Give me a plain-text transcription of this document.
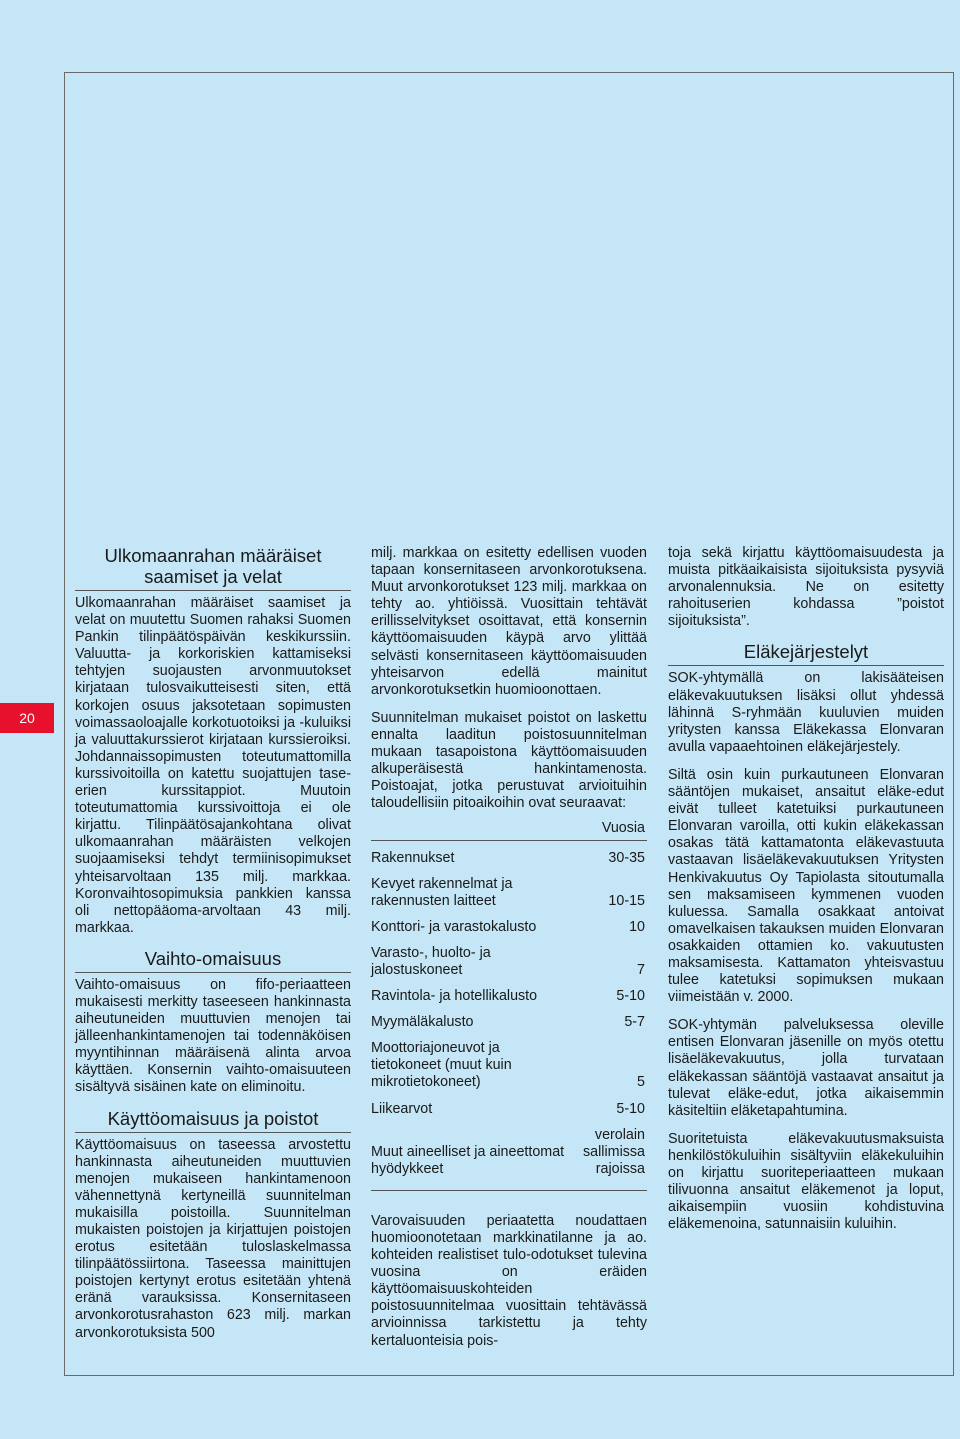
20
Ulkomaanrahan määräiset saamiset ja velat

Ulkomaanrahan määräiset saamiset ja velat on muutettu Suomen rahaksi Suomen Pankin tilinpäätöspäivän keskikurssiin. Valuutta- ja korkoriskien kattamiseksi tehtyjen suojausten arvonmuutokset kirjataan tulosvaikutteisesti siten, että korkojen osuus jaksotetaan sopimusten voimassaoloajalle korkotuotoiksi ja -kuluiksi ja valuuttakurssierot kirjataan kurssieroiksi. Johdannaissopimusten toteutumattomilla kurssivoitoilla on katettu suojattujen tase-erien kurssitappiot. Muutoin toteutumattomia kurssivoittoja ei ole kirjattu. Tilinpäätösajankohtana olivat ulkomaanrahan määräisten velkojen suojaamiseksi tehdyt termiinisopimukset yhteisarvoltaan 135 milj. markkaa. Koronvaihtosopimuksia pankkien kanssa oli nettopääoma-arvoltaan 43 milj. markkaa.

Vaihto-omaisuus

Vaihto-omaisuus on fifo-periaatteen mukaisesti merkitty taseeseen hankinnasta aiheutuneiden muuttuvien menojen tai jälleenhankintamenojen tai todennäköisen myyntihinnan määräisenä alinta arvoa käyttäen. Konsernin vaihto-omaisuuteen sisältyvä sisäinen kate on eliminoitu.

Käyttöomaisuus ja poistot

Käyttöomaisuus on taseessa arvostettu hankinnasta aiheutuneiden muuttuvien menojen mukaiseen hankintamenoon vähennettynä kertyneillä suunnitelman mukaisilla poistoilla. Suunnitelman mukaisten poistojen ja kirjattujen poistojen erotus esitetään tuloslaskelmassa tilinpäätössiirtona. Taseessa mainittujen poistojen kertynyt erotus esitetään yhtenä eränä varauksissa. Konsernitaseen arvonkorotusrahaston 623 milj. markan arvonkorotuksista 500

milj. markkaa on esitetty edellisen vuoden tapaan konsernitaseen arvonkorotuksena. Muut arvonkorotukset 123 milj. markkaa on tehty ao. yhtiöissä. Vuosittain tehtävät erillisselvitykset osoittavat, että konsernin käyttöomaisuuden käypä arvo ylittää selvästi konsernitaseen käyttöomaisuuden yhteisarvon edellä mainitut arvonkorotuksetkin huomioonottaen.

Suunnitelman mukaiset poistot on laskettu ennalta laaditun poistosuunnitelman mukaan tasapoistona käyttöomaisuuden alkuperäisestä hankintamenosta. Poistoajat, jotka perustuvat arvioituihin taloudellisiin pitoaikoihin ovat seuraavat:

	Vuosia
Rakennukset	30-35
Kevyet rakennelmat ja rakennusten laitteet	10-15
Konttori- ja varastokalusto	10
Varasto-, huolto- ja jalostuskoneet	7
Ravintola- ja hotellikalusto	5-10
Myymäläkalusto	5-7
Moottoriajoneuvot ja tietokoneet (muut kuin mikrotietokoneet)	5
Liikearvot	5-10
Muut aineelliset ja aineettomat hyödykkeet	verolain sallimissa rajoissa

Varovaisuuden periaatetta noudattaen huomioonotetaan markkinatilanne ja ao. kohteiden realistiset tulo-odotukset tulevina vuosina on eräiden käyttöomaisuuskohteiden poistosuunnitelmaa vuosittain tehtävässä arvioinnissa tarkistettu ja tehty kertaluonteisia pois-

toja sekä kirjattu käyttöomaisuudesta ja muista pitkäaikaisista sijoituksista pysyviä arvonalennuksia. Ne on esitetty rahoituserien kohdassa ”poistot sijoituksista”.

Eläkejärjestelyt

SOK-yhtymällä on lakisääteisen eläkevakuutuksen lisäksi ollut yhdessä lähinnä S-ryhmään kuuluvien muiden yritysten kanssa Eläkekassa Elonvaran avulla vapaaehtoinen eläkejärjestely.

Siltä osin kuin purkautuneen Elonvaran sääntöjen mukaiset, ansaitut eläke-edut eivät tulleet katetuiksi purkautuneen Elonvaran varoilla, otti kukin eläkekassan osakas tätä kattamatonta eläkevastuuta vastaavan lisäeläkevakuutuksen Yritysten Henkivakuutus Oy Tapiolasta sitoutumalla sen maksamiseen kymmenen vuoden kuluessa. Samalla osakkaat antoivat omavelkaisen takauksen muiden Elonvaran osakkaiden ottamien ko. vakuutusten maksamisesta. Kattamaton yhteisvastuu tulee katetuksi sopimuksen mukaan viimeistään v. 2000.

SOK-yhtymän palveluksessa oleville entisen Elonvaran jäsenille on myös otettu lisäeläkevakuutus, jolla turvataan eläkekassan sääntöjä vastaavat ansaitut ja tulevat eläke-edut, jotka aikaisemmin käsiteltiin eläketapahtumina.

Suoritetuista eläkevakuutusmaksuista henkilöstökuluihin sisältyviin eläkekuluihin on kirjattu suoriteperiaatteen mukaan tilivuonna ansaitut eläkemenot ja loput, aikaisempiin vuosiin kohdistuvina eläkemenoina, satunnaisiin kuluihin.
